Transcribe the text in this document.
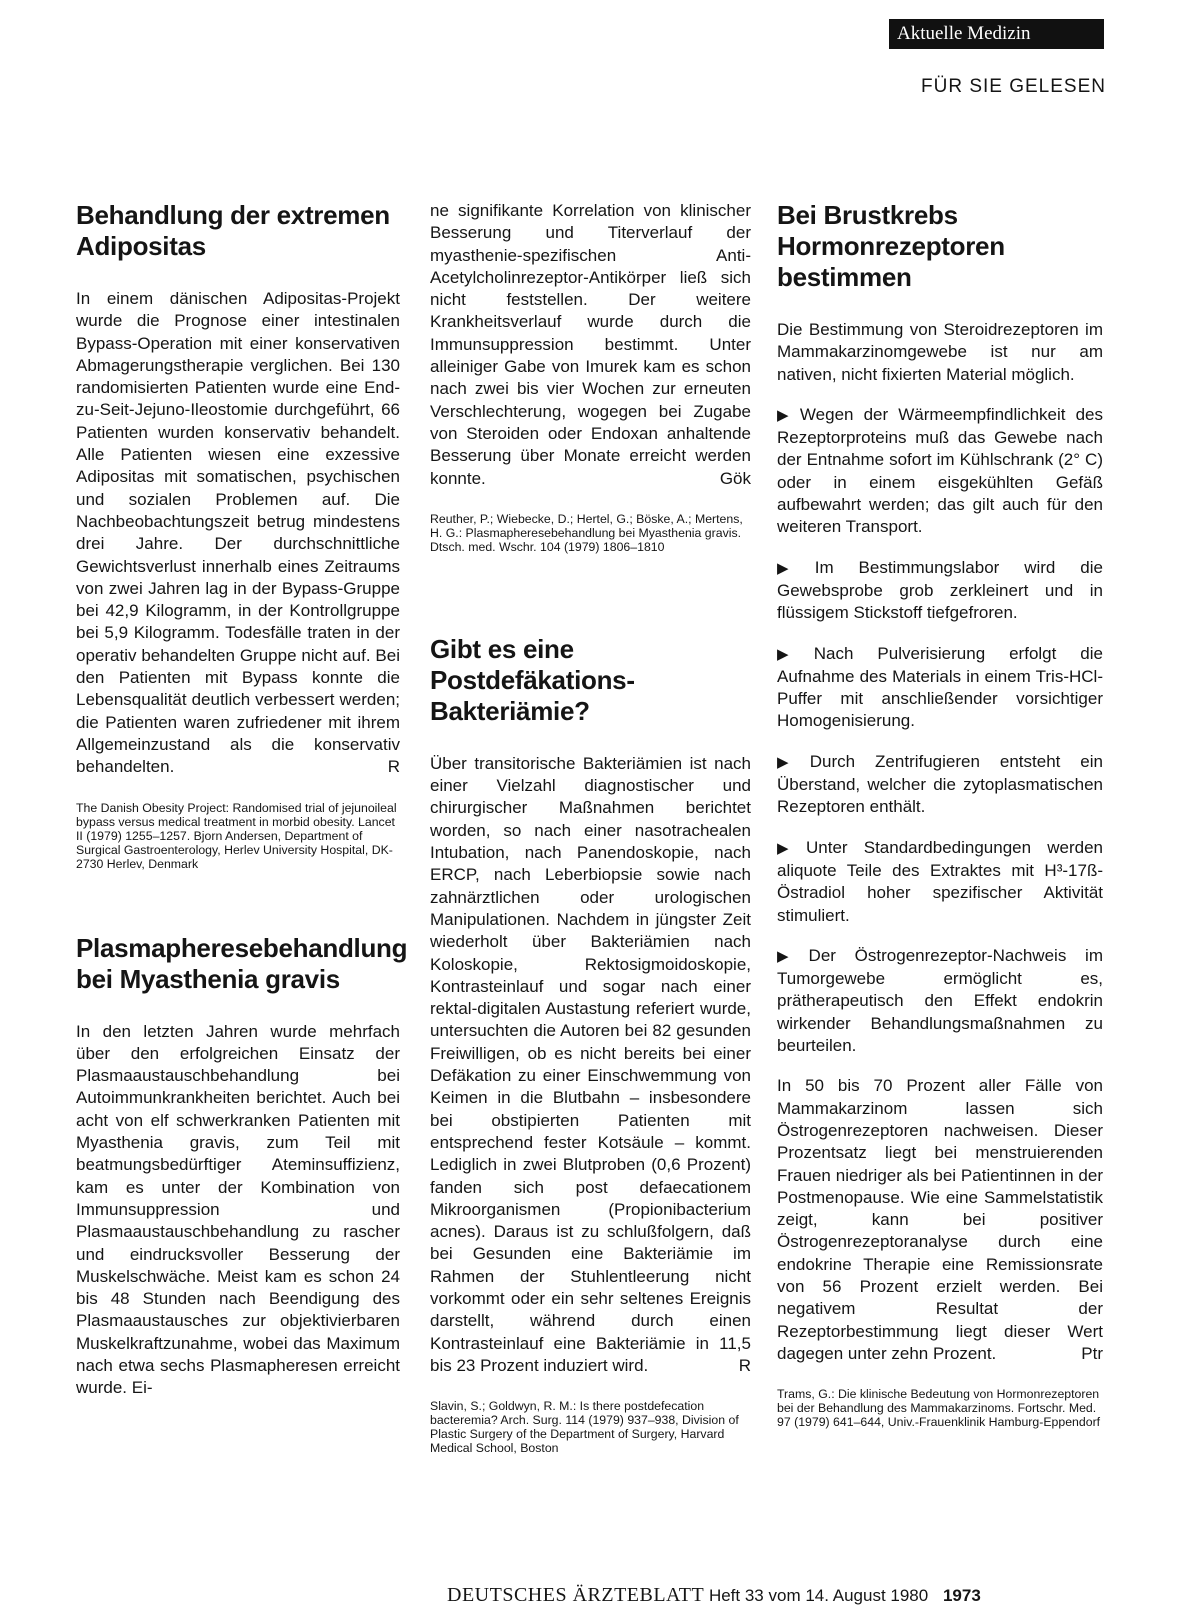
Aktuelle Medizin
FÜR SIE GELESEN
Behandlung der extremen Adipositas

In einem dänischen Adipositas-Projekt wurde die Prognose einer intestinalen Bypass-Operation mit einer konservativen Abmagerungstherapie verglichen. Bei 130 randomisierten Patienten wurde eine End-zu-Seit-Jejuno-Ileostomie durchgeführt, 66 Patienten wurden konservativ behandelt. Alle Patienten wiesen eine exzessive Adipositas mit somatischen, psychischen und sozialen Problemen auf. Die Nachbeobachtungszeit betrug mindestens drei Jahre. Der durchschnittliche Gewichtsverlust innerhalb eines Zeitraums von zwei Jahren lag in der Bypass-Gruppe bei 42,9 Kilogramm, in der Kontrollgruppe bei 5,9 Kilogramm. Todesfälle traten in der operativ behandelten Gruppe nicht auf. Bei den Patienten mit Bypass konnte die Lebensqualität deutlich verbessert werden; die Patienten waren zufriedener mit ihrem Allgemeinzustand als die konservativ behandelten.	R

The Danish Obesity Project: Randomised trial of jejunoileal bypass versus medical treatment in morbid obesity. Lancet II (1979) 1255–1257. Bjorn Andersen, Department of Surgical Gastroenterology, Herlev University Hospital, DK-2730 Herlev, Denmark

Plasmapheresebehandlung bei Myasthenia gravis

In den letzten Jahren wurde mehrfach über den erfolgreichen Einsatz der Plasmaaustauschbehandlung bei Autoimmunkrankheiten berichtet. Auch bei acht von elf schwerkranken Patienten mit Myasthenia gravis, zum Teil mit beatmungsbedürftiger Ateminsuffizienz, kam es unter der Kombination von Immunsuppression und Plasmaaustauschbehandlung zu rascher und eindrucksvoller Besserung der Muskelschwäche. Meist kam es schon 24 bis 48 Stunden nach Beendigung des Plasmaaustausches zur objektivierbaren Muskelkraftzunahme, wobei das Maximum nach etwa sechs Plasmapheresen erreicht wurde. Ei-

ne signifikante Korrelation von klinischer Besserung und Titerverlauf der myasthenie-spezifischen Anti-Acetylcholinrezeptor-Antikörper ließ sich nicht feststellen. Der weitere Krankheitsverlauf wurde durch die Immunsuppression bestimmt. Unter alleiniger Gabe von Imurek kam es schon nach zwei bis vier Wochen zur erneuten Verschlechterung, wogegen bei Zugabe von Steroiden oder Endoxan anhaltende Besserung über Monate erreicht werden konnte.	Gök

Reuther, P.; Wiebecke, D.; Hertel, G.; Böske, A.; Mertens, H. G.: Plasmapheresebehandlung bei Myasthenia gravis. Dtsch. med. Wschr. 104 (1979) 1806–1810

Gibt es eine Postdefäkations-Bakteriämie?

Über transitorische Bakteriämien ist nach einer Vielzahl diagnostischer und chirurgischer Maßnahmen berichtet worden, so nach einer nasotrachealen Intubation, nach Panendoskopie, nach ERCP, nach Leberbiopsie sowie nach zahnärztlichen oder urologischen Manipulationen. Nachdem in jüngster Zeit wiederholt über Bakteriämien nach Koloskopie, Rektosigmoidoskopie, Kontrasteinlauf und sogar nach einer rektal-digitalen Austastung referiert wurde, untersuchten die Autoren bei 82 gesunden Freiwilligen, ob es nicht bereits bei einer Defäkation zu einer Einschwemmung von Keimen in die Blutbahn – insbesondere bei obstipierten Patienten mit entsprechend fester Kotsäule – kommt. Lediglich in zwei Blutproben (0,6 Prozent) fanden sich post defaecationem Mikroorganismen (Propionibacterium acnes). Daraus ist zu schlußfolgern, daß bei Gesunden eine Bakteriämie im Rahmen der Stuhlentleerung nicht vorkommt oder ein sehr seltenes Ereignis darstellt, während durch einen Kontrasteinlauf eine Bakteriämie in 11,5 bis 23 Prozent induziert wird.	R

Slavin, S.; Goldwyn, R. M.: Is there postdefecation bacteremia? Arch. Surg. 114 (1979) 937–938, Division of Plastic Surgery of the Department of Surgery, Harvard Medical School, Boston

Bei Brustkrebs Hormonrezeptoren bestimmen

Die Bestimmung von Steroidrezeptoren im Mammakarzinomgewebe ist nur am nativen, nicht fixierten Material möglich.

▶ Wegen der Wärmeempfindlichkeit des Rezeptorproteins muß das Gewebe nach der Entnahme sofort im Kühlschrank (2° C) oder in einem eisgekühlten Gefäß aufbewahrt werden; das gilt auch für den weiteren Transport.

▶ Im Bestimmungslabor wird die Gewebsprobe grob zerkleinert und in flüssigem Stickstoff tiefgefroren.

▶ Nach Pulverisierung erfolgt die Aufnahme des Materials in einem Tris-HCl-Puffer mit anschließender vorsichtiger Homogenisierung.

▶ Durch Zentrifugieren entsteht ein Überstand, welcher die zytoplasmatischen Rezeptoren enthält.

▶ Unter Standardbedingungen werden aliquote Teile des Extraktes mit H³-17ß-Östradiol hoher spezifischer Aktivität stimuliert.

▶ Der Östrogenrezeptor-Nachweis im Tumorgewebe ermöglicht es, prätherapeutisch den Effekt endokrin wirkender Behandlungsmaßnahmen zu beurteilen.

In 50 bis 70 Prozent aller Fälle von Mammakarzinom lassen sich Östrogenrezeptoren nachweisen. Dieser Prozentsatz liegt bei menstruierenden Frauen niedriger als bei Patientinnen in der Postmenopause. Wie eine Sammelstatistik zeigt, kann bei positiver Östrogenrezeptoranalyse durch eine endokrine Therapie eine Remissionsrate von 56 Prozent erzielt werden. Bei negativem Resultat der Rezeptorbestimmung liegt dieser Wert dagegen unter zehn Prozent.	Ptr

Trams, G.: Die klinische Bedeutung von Hormonrezeptoren bei der Behandlung des Mammakarzinoms. Fortschr. Med. 97 (1979) 641–644, Univ.-Frauenklinik Hamburg-Eppendorf

DEUTSCHES ÄRZTEBLATT Heft 33 vom 14. August 1980 1973
